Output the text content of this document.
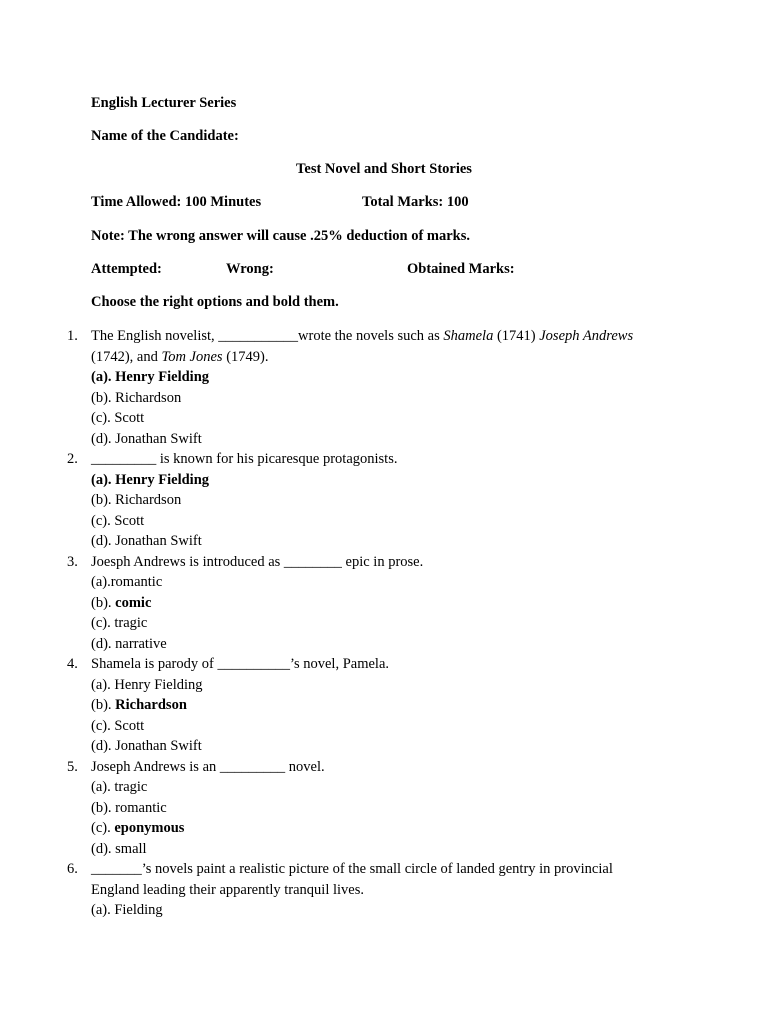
English Lecturer Series
Name of the Candidate:
Test Novel and Short Stories
Time Allowed: 100 Minutes	Total Marks: 100
Note: The wrong answer will cause .25% deduction of marks.
Attempted:	Wrong:	Obtained Marks:
Choose the right options and bold them.
1. The English novelist, ___________wrote the novels such as Shamela (1741) Joseph Andrews
(1742), and Tom Jones (1749).
(a). Henry Fielding
(b). Richardson
(c). Scott
(d). Jonathan Swift
2. _________ is known for his picaresque protagonists.
(a). Henry Fielding
(b). Richardson
(c). Scott
(d). Jonathan Swift
3. Joesph Andrews is introduced as ________ epic in prose.
(a).romantic
(b). comic
(c). tragic
(d). narrative
4. Shamela is parody of __________’s novel, Pamela.
(a). Henry Fielding
(b). Richardson
(c). Scott
(d). Jonathan Swift
5. Joseph Andrews is an _________ novel.
(a). tragic
(b). romantic
(c). eponymous
(d). small
6. _______’s novels paint a realistic picture of the small circle of landed gentry in provincial
England leading their apparently tranquil lives.
(a). Fielding
